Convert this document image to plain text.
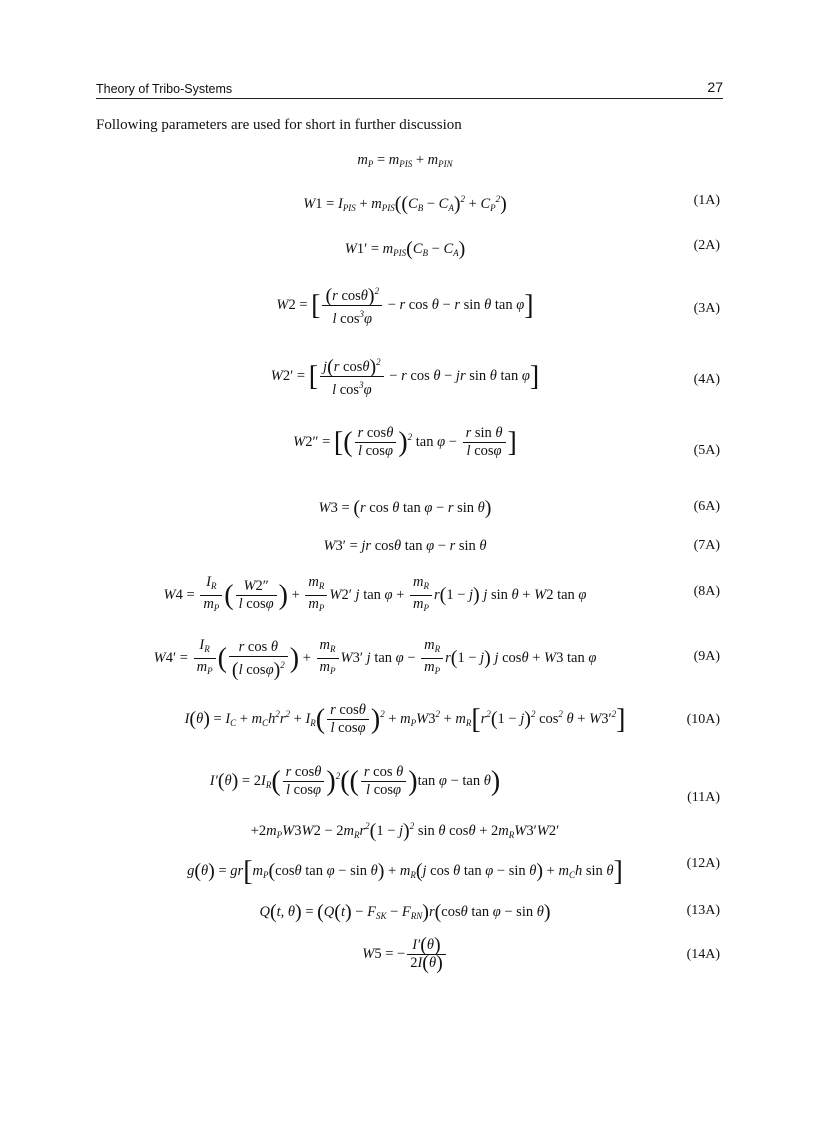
Theory of Tribo-Systems	27
Following parameters are used for short in further discussion
$m_P = m_{PIS} + m_{PIN}$
$W1 = I_{PIS} + m_{PIS}((C_B - C_A)^2 + C_P^2)$	(1A)
$W1' = m_{PIS}(C_B - C_A)$	(2A)
W2 = [ $\frac{(r \cos\theta)^2}{l \cos^3\varphi} - r$ cos θ − r sin θ tan φ]	(3A)
W2′ = [ $\frac{j(r \cos\theta)^2}{l \cos^3\varphi} - r$ cos θ − jr sin θ tan φ]	(4A)
W2″ = [( $\frac{\text{r cosθ}}{\text{l cosφ}} )^2$ $\tan \varphi - \frac{\text{r sin θ}}{\text{l cosφ}}$ ]	(5A)
W3 = (r cos θ tan φ − r sin θ)	(6A)
W3′ = jr cosθ tan φ − r sin θ	(7A)
$W4 = \frac{I_R}{m_P}$ ( $\frac{W2''}{\text{l cosφ}}$ ) + $\frac{m_R}{m_P} W2'$ j $\tan \varphi + \frac{m_R}{m_P} r(1 - j)$ j sin θ + W2 tan φ	(8A)
$W4' = \frac{I_R}{m_P}$ ( $\frac{\text{r cos θ}}{(l \cos\varphi)^2}$ ) + $\frac{m_R}{m_P} W3'$ j $\tan \varphi - \frac{m_R}{m_P} r(1 - j)$ j cosθ + W3 tan φ	(9A)
$I(\theta) = I_C + m_Ch^2r^2 + I_R( \frac{\text{r cosθ}}{\text{l cosφ}} )^2 + m_PW3^2 + m_R[r^2(1 - j)^2$ $\cos^2 \theta + W3'^2$]	(10A)
$I'(\theta) = 2I_R( \frac{\text{r cosθ}}{\text{l cosφ}} )^2(( \frac{\text{r cos θ}}{\text{l cosφ}} )\tan$ φ − tan θ)
$+2m_PW3W2 - 2m_Rr^2(1 - j)^2$ sin θ $\cos\theta + 2m_RW3'W2'$
(11A)
$g(\theta) = gr[m_P(\cos\theta$ $\tan \varphi - \sin \theta) + m_R(j$ cos θ $\tan \varphi - \sin \theta) + m_Ch$ sin θ]	(12A)
Q(t, $\theta) = (Q(t) - F_{SK} - F_{RN})r(\cos\theta$ tan φ − sin θ)	(13A)
W5 = − $\frac{I'(\theta)}{2I(\theta)}$	(14A)
